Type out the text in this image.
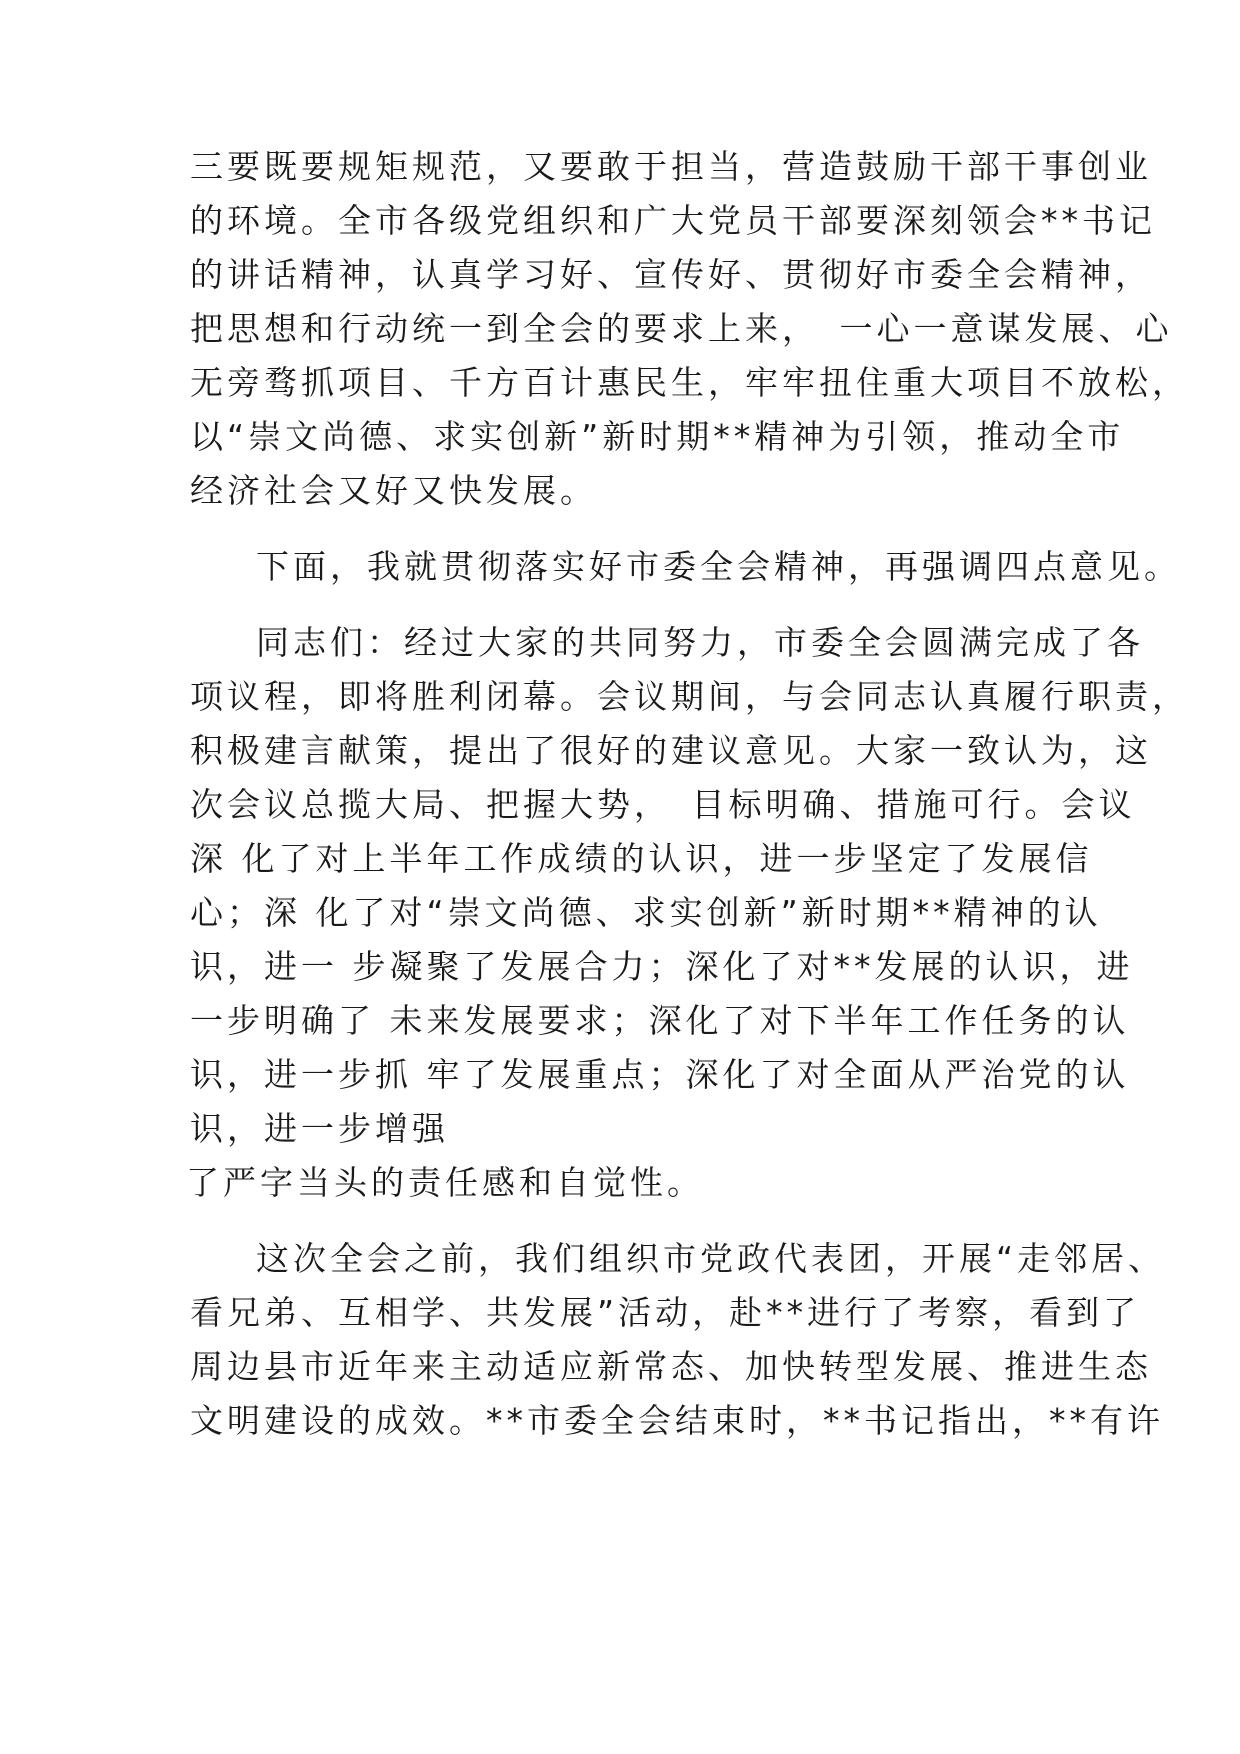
三要既要规矩规范，又要敢于担当，营造鼓励干部干事创业
的环境。全市各级党组织和广大党员干部要深刻领会**书记
的讲话精神，认真学习好、宣传好、贯彻好市委全会精神，
把思想和行动统一到全会的要求上来，　一心一意谋发展、心
无旁骛抓项目、千方百计惠民生，牢牢扭住重大项目不放松，
以“崇文尚德、求实创新”新时期**精神为引领，推动全市
经济社会又好又快发展。
下面，我就贯彻落实好市委全会精神，再强调四点意见。
同志们：经过大家的共同努力，市委全会圆满完成了各
项议程，即将胜利闭幕。会议期间，与会同志认真履行职责，
积极建言献策，提出了很好的建议意见。大家一致认为，这
次会议总揽大局、把握大势，　目标明确、措施可行。会议
深 化了对上半年工作成绩的认识，进一步坚定了发展信
心；深 化了对“崇文尚德、求实创新”新时期**精神的认
识，进一 步凝聚了发展合力；深化了对**发展的认识，进
一步明确了 未来发展要求；深化了对下半年工作任务的认
识，进一步抓 牢了发展重点；深化了对全面从严治党的认
识，进一步增强
了严字当头的责任感和自觉性。
这次全会之前，我们组织市党政代表团，开展“走邻居、
看兄弟、互相学、共发展”活动，赴**进行了考察，看到了
周边县市近年来主动适应新常态、加快转型发展、推进生态
文明建设的成效。**市委全会结束时，**书记指出，**有许
